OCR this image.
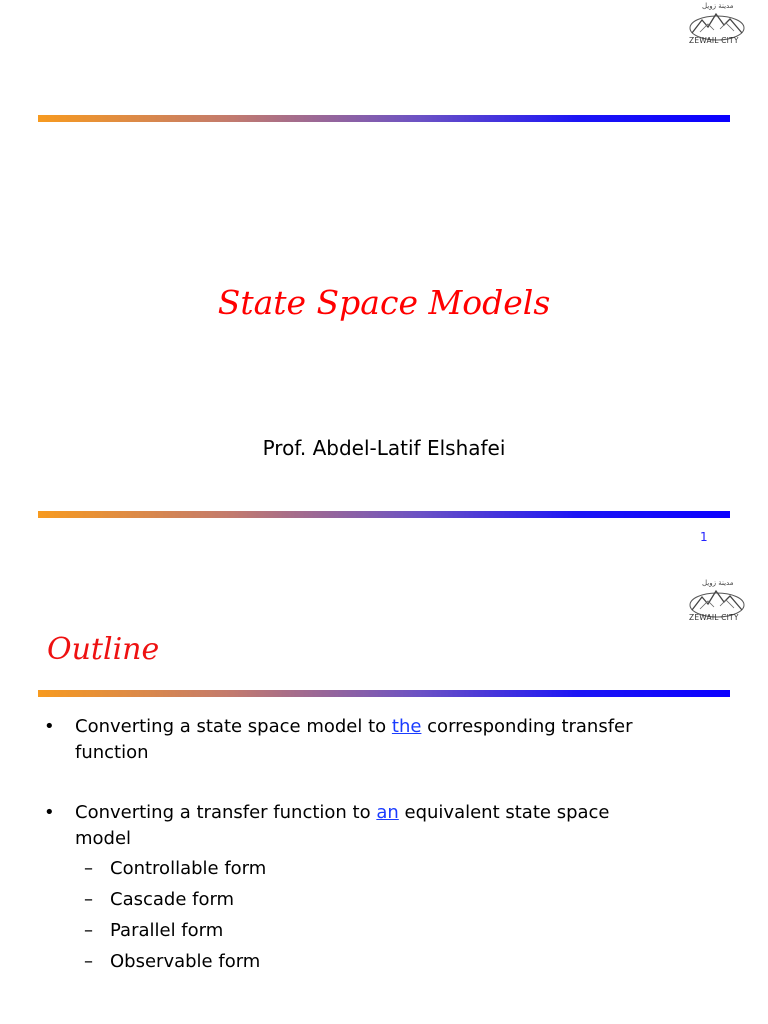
مدينة زويل
ZEWAIL CITY
State Space Models
Prof. Abdel-Latif Elshafei
1
مدينة زويل
ZEWAIL CITY
Outline
• Converting a state space model to the corresponding transfer
function
• Converting a transfer function to an equivalent state space
model
– Controllable form
– Cascade form
– Parallel form
– Observable form
